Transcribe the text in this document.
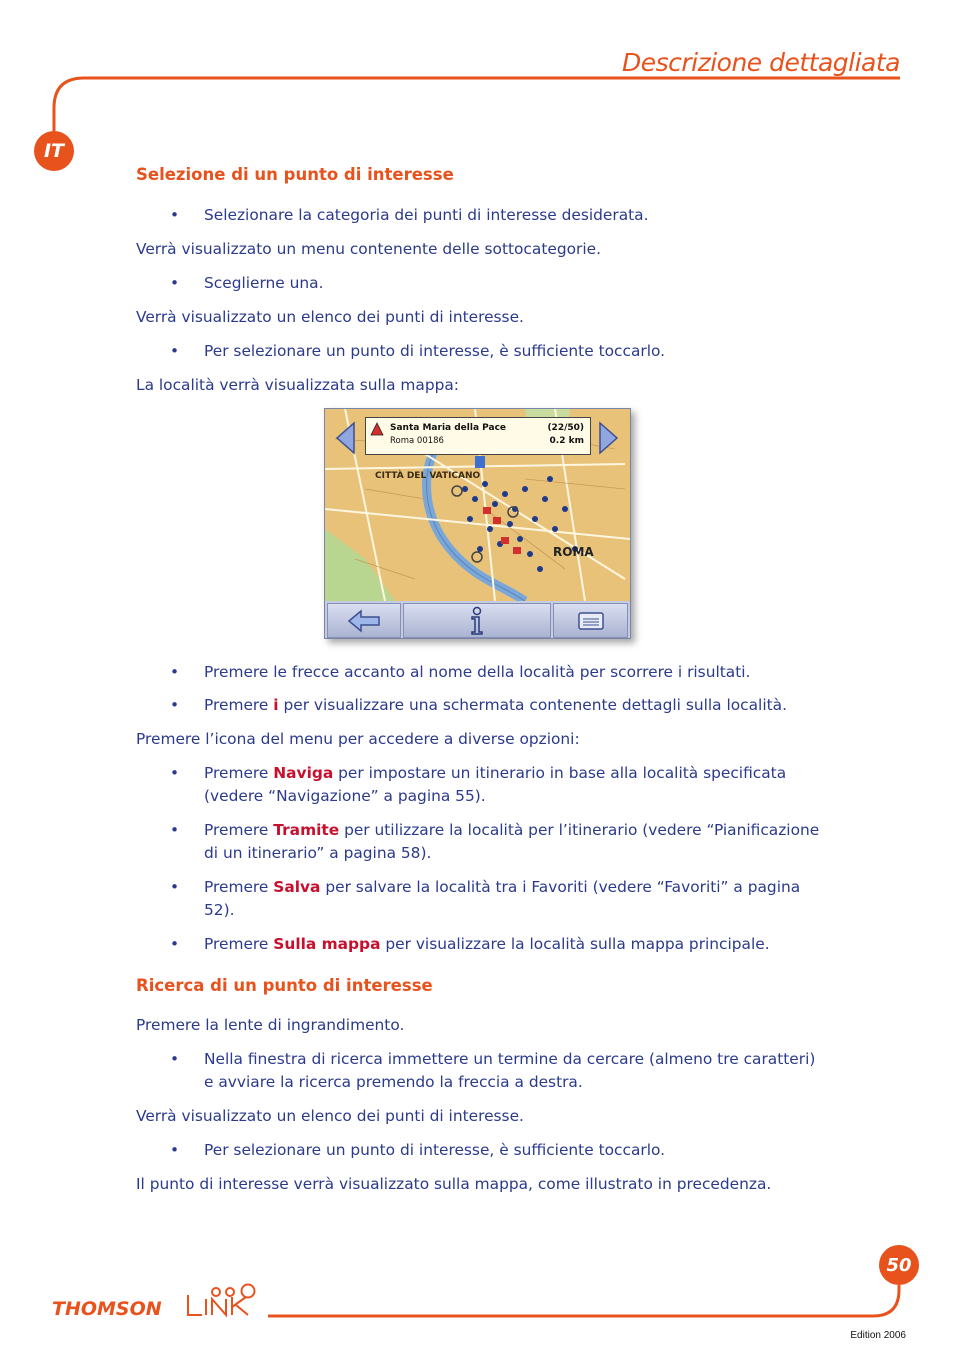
Descrizione dettagliata
IT
Selezione di un punto di interesse

• Selezionare la categoria dei punti di interesse desiderata.

Verrà visualizzato un menu contenente delle sottocategorie.

• Sceglierne una.

Verrà visualizzato un elenco dei punti di interesse.

• Per selezionare un punto di interesse, è sufficiente toccarlo.

La località verrà visualizzata sulla mappa:

• Premere le frecce accanto al nome della località per scorrere i risultati.

• Premere i per visualizzare una schermata contenente dettagli sulla località.

Premere l’icona del menu per accedere a diverse opzioni:

• Premere Naviga per impostare un itinerario in base alla località specificata (vedere “Navigazione” a pagina 55).

• Premere Tramite per utilizzare la località per l’itinerario (vedere “Pianificazione di un itinerario” a pagina 58).

• Premere Salva per salvare la località tra i Favoriti (vedere “Favoriti” a pagina 52).

• Premere Sulla mappa per visualizzare la località sulla mappa principale.

Ricerca di un punto di interesse

Premere la lente di ingrandimento.

• Nella finestra di ricerca immettere un termine da cercare (almeno tre caratteri) e avviare la ricerca premendo la freccia a destra.

Verrà visualizzato un elenco dei punti di interesse.

• Per selezionare un punto di interesse, è sufficiente toccarlo.

Il punto di interesse verrà visualizzato sulla mappa, come illustrato in precedenza.

Santa Maria della Pace	(22/50)
Roma 00186	0.2 km
CITTÀ DEL VATICANO
ROMA
50
THOMSON
Edition 2006
